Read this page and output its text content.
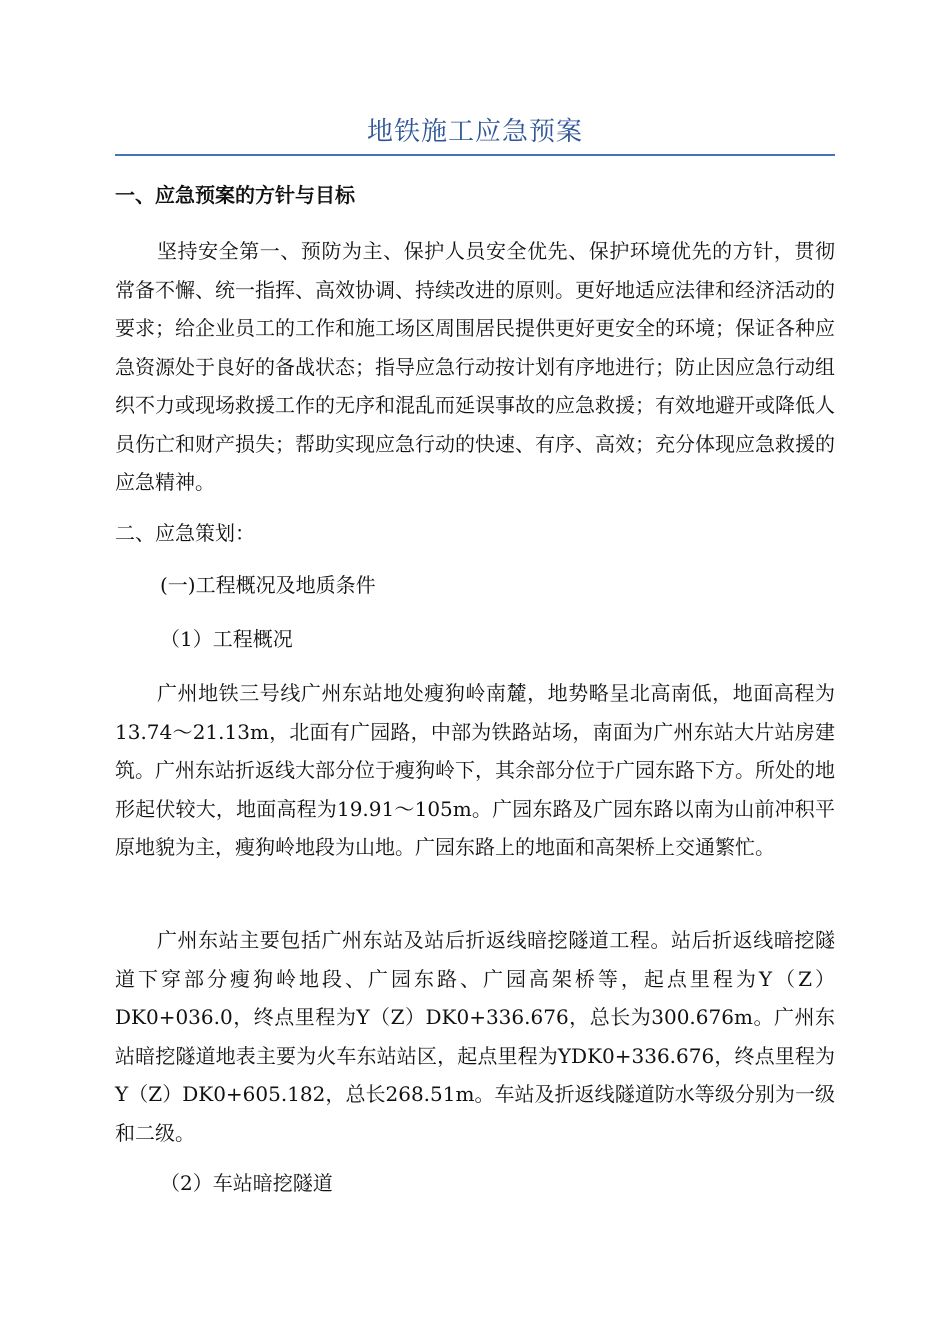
地铁施工应急预案
一、应急预案的方针与目标

坚持安全第一、预防为主、保护人员安全优先、保护环境优先的方针，贯彻常备不懈、统一指挥、高效协调、持续改进的原则。更好地适应法律和经济活动的要求；给企业员工的工作和施工场区周围居民提供更好更安全的环境；保证各种应急资源处于良好的备战状态；指导应急行动按计划有序地进行；防止因应急行动组织不力或现场救援工作的无序和混乱而延误事故的应急救援；有效地避开或降低人员伤亡和财产损失；帮助实现应急行动的快速、有序、高效；充分体现应急救援的应急精神。

二、应急策划：

(一)工程概况及地质条件

（1）工程概况

广州地铁三号线广州东站地处瘦狗岭南麓，地势略呈北高南低，地面高程为13.74～21.13m，北面有广园路，中部为铁路站场，南面为广州东站大片站房建筑。广州东站折返线大部分位于瘦狗岭下，其余部分位于广园东路下方。所处的地形起伏较大，地面高程为19.91～105m。广园东路及广园东路以南为山前冲积平原地貌为主，瘦狗岭地段为山地。广园东路上的地面和高架桥上交通繁忙。

广州东站主要包括广州东站及站后折返线暗挖隧道工程。站后折返线暗挖隧道下穿部分瘦狗岭地段、广园东路、广园高架桥等，起点里程为Y（Z）DK0+036.0，终点里程为Y（Z）DK0+336.676，总长为300.676m。广州东站暗挖隧道地表主要为火车东站站区，起点里程为YDK0+336.676，终点里程为Y（Z）DK0+605.182，总长268.51m。车站及折返线隧道防水等级分别为一级和二级。

（2）车站暗挖隧道
